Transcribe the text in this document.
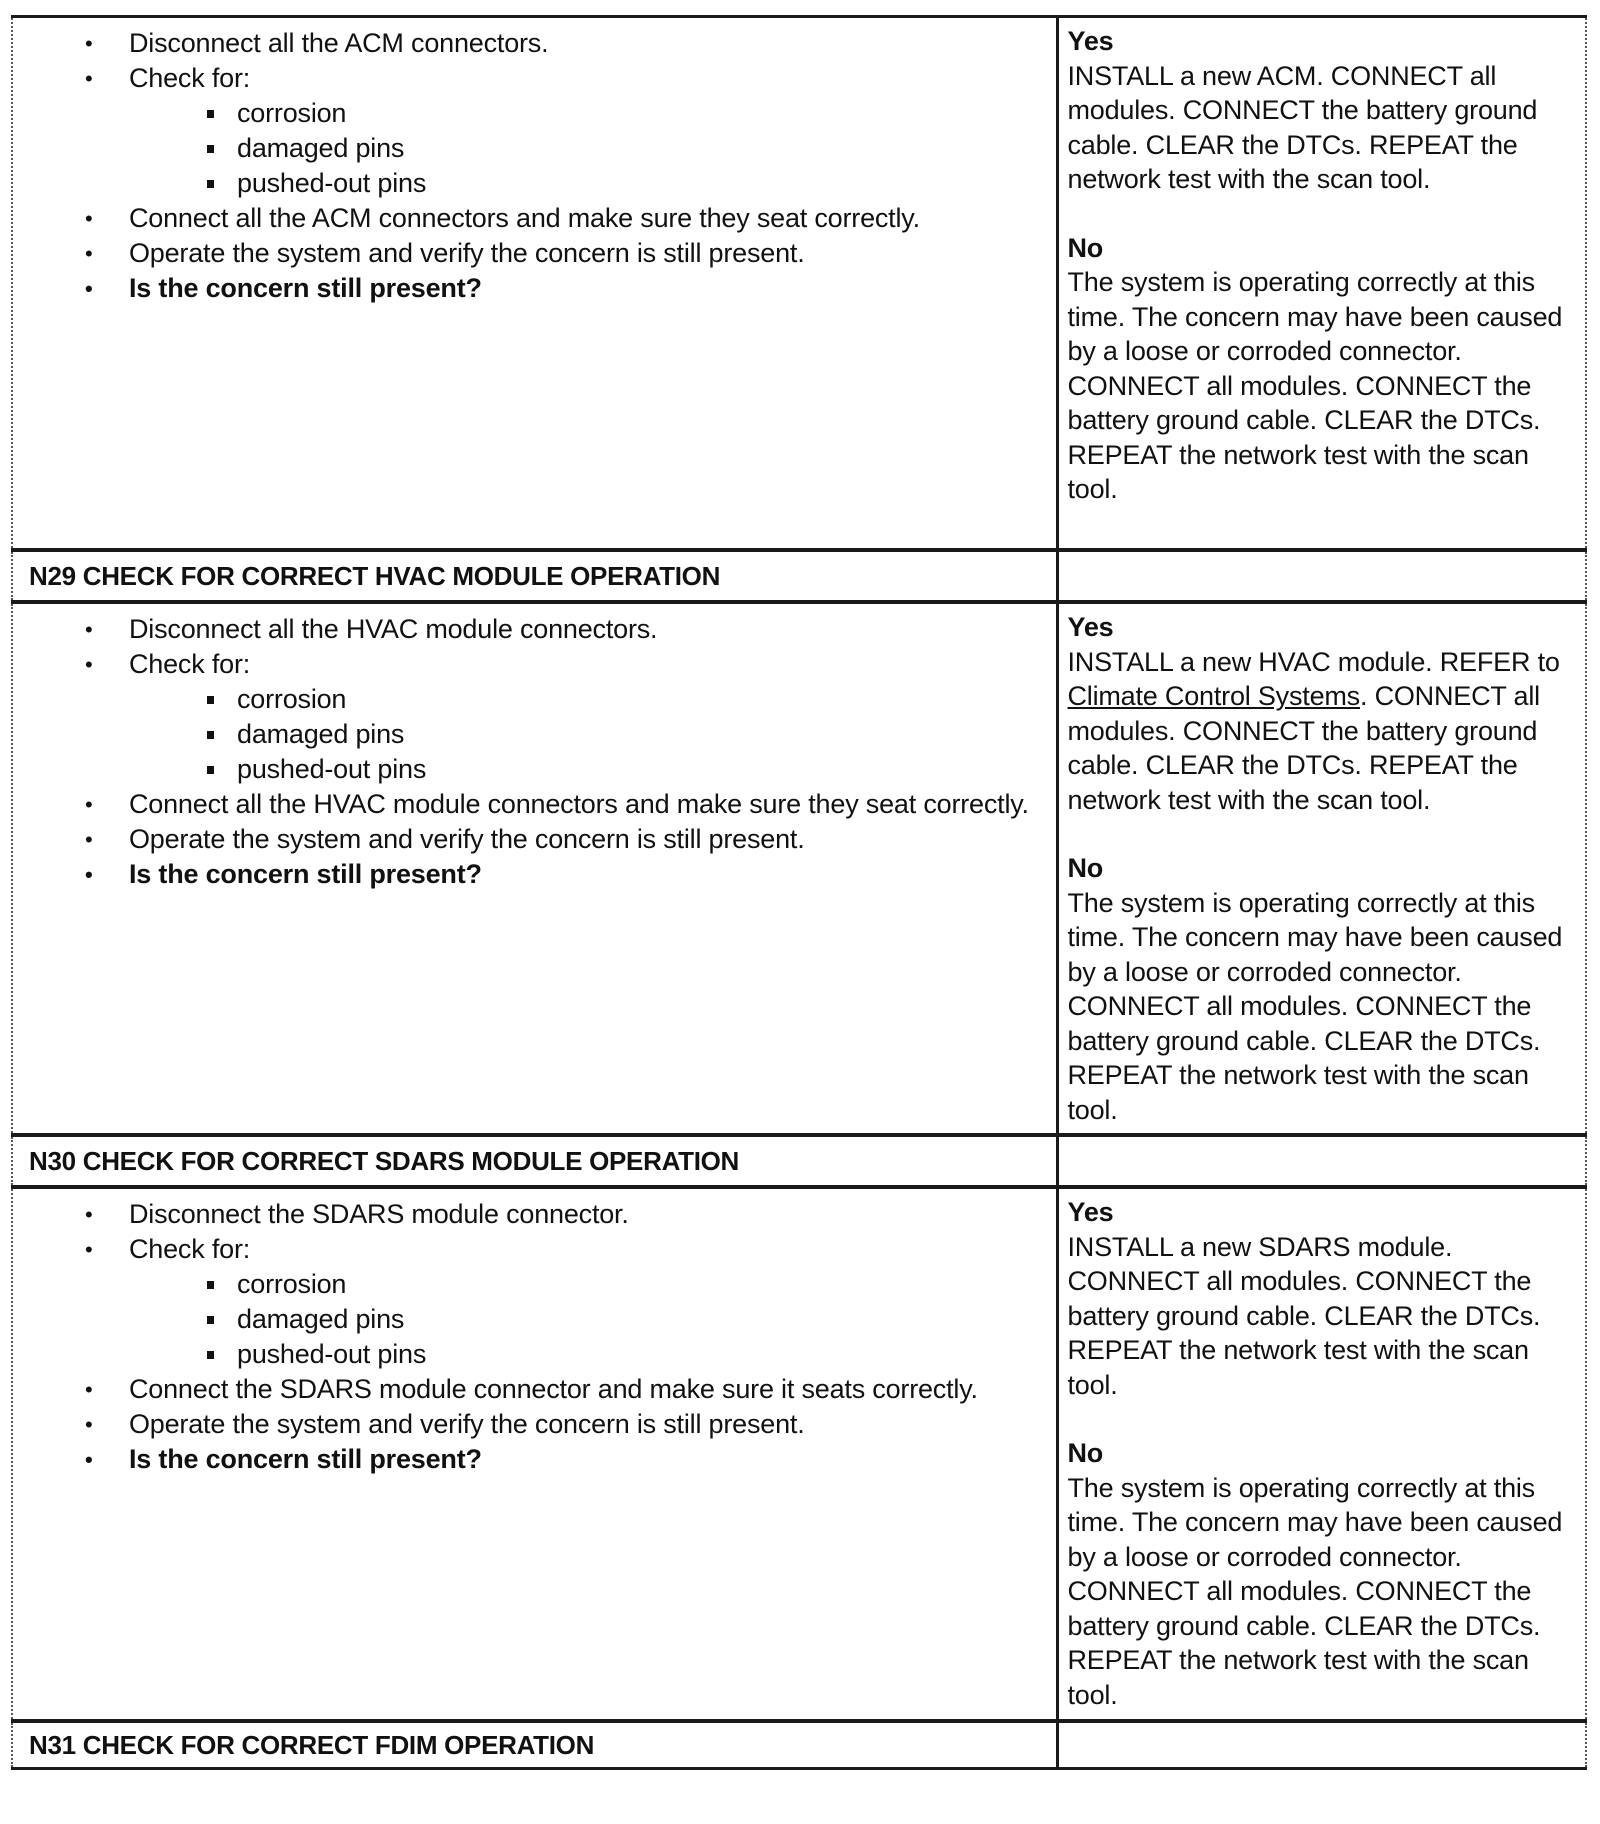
• Disconnect all the ACM connectors.
• Check for:
corrosion
damaged pins
pushed-out pins
• Connect all the ACM connectors and make sure they seat correctly.
• Operate the system and verify the concern is still present.
• Is the concern still present?

Yes
INSTALL a new ACM. CONNECT all modules. CONNECT the battery ground cable. CLEAR the DTCs. REPEAT the network test with the scan tool.
No
The system is operating correctly at this time. The concern may have been caused by a loose or corroded connector. CONNECT all modules. CONNECT the battery ground cable. CLEAR the DTCs. REPEAT the network test with the scan tool.

N29 CHECK FOR CORRECT HVAC MODULE OPERATION	

• Disconnect all the HVAC module connectors.
• Check for:
corrosion
damaged pins
pushed-out pins
• Connect all the HVAC module connectors and make sure they seat correctly.
• Operate the system and verify the concern is still present.
• Is the concern still present?

Yes
INSTALL a new HVAC module. REFER to Climate Control Systems. CONNECT all modules. CONNECT the battery ground cable. CLEAR the DTCs. REPEAT the network test with the scan tool.
No
The system is operating correctly at this time. The concern may have been caused by a loose or corroded connector. CONNECT all modules. CONNECT the battery ground cable. CLEAR the DTCs. REPEAT the network test with the scan tool.

N30 CHECK FOR CORRECT SDARS MODULE OPERATION	

• Disconnect the SDARS module connector.
• Check for:
corrosion
damaged pins
pushed-out pins
• Connect the SDARS module connector and make sure it seats correctly.
• Operate the system and verify the concern is still present.
• Is the concern still present?

Yes
INSTALL a new SDARS module. CONNECT all modules. CONNECT the battery ground cable. CLEAR the DTCs. REPEAT the network test with the scan tool.
No
The system is operating correctly at this time. The concern may have been caused by a loose or corroded connector. CONNECT all modules. CONNECT the battery ground cable. CLEAR the DTCs. REPEAT the network test with the scan tool.

N31 CHECK FOR CORRECT FDIM OPERATION	
